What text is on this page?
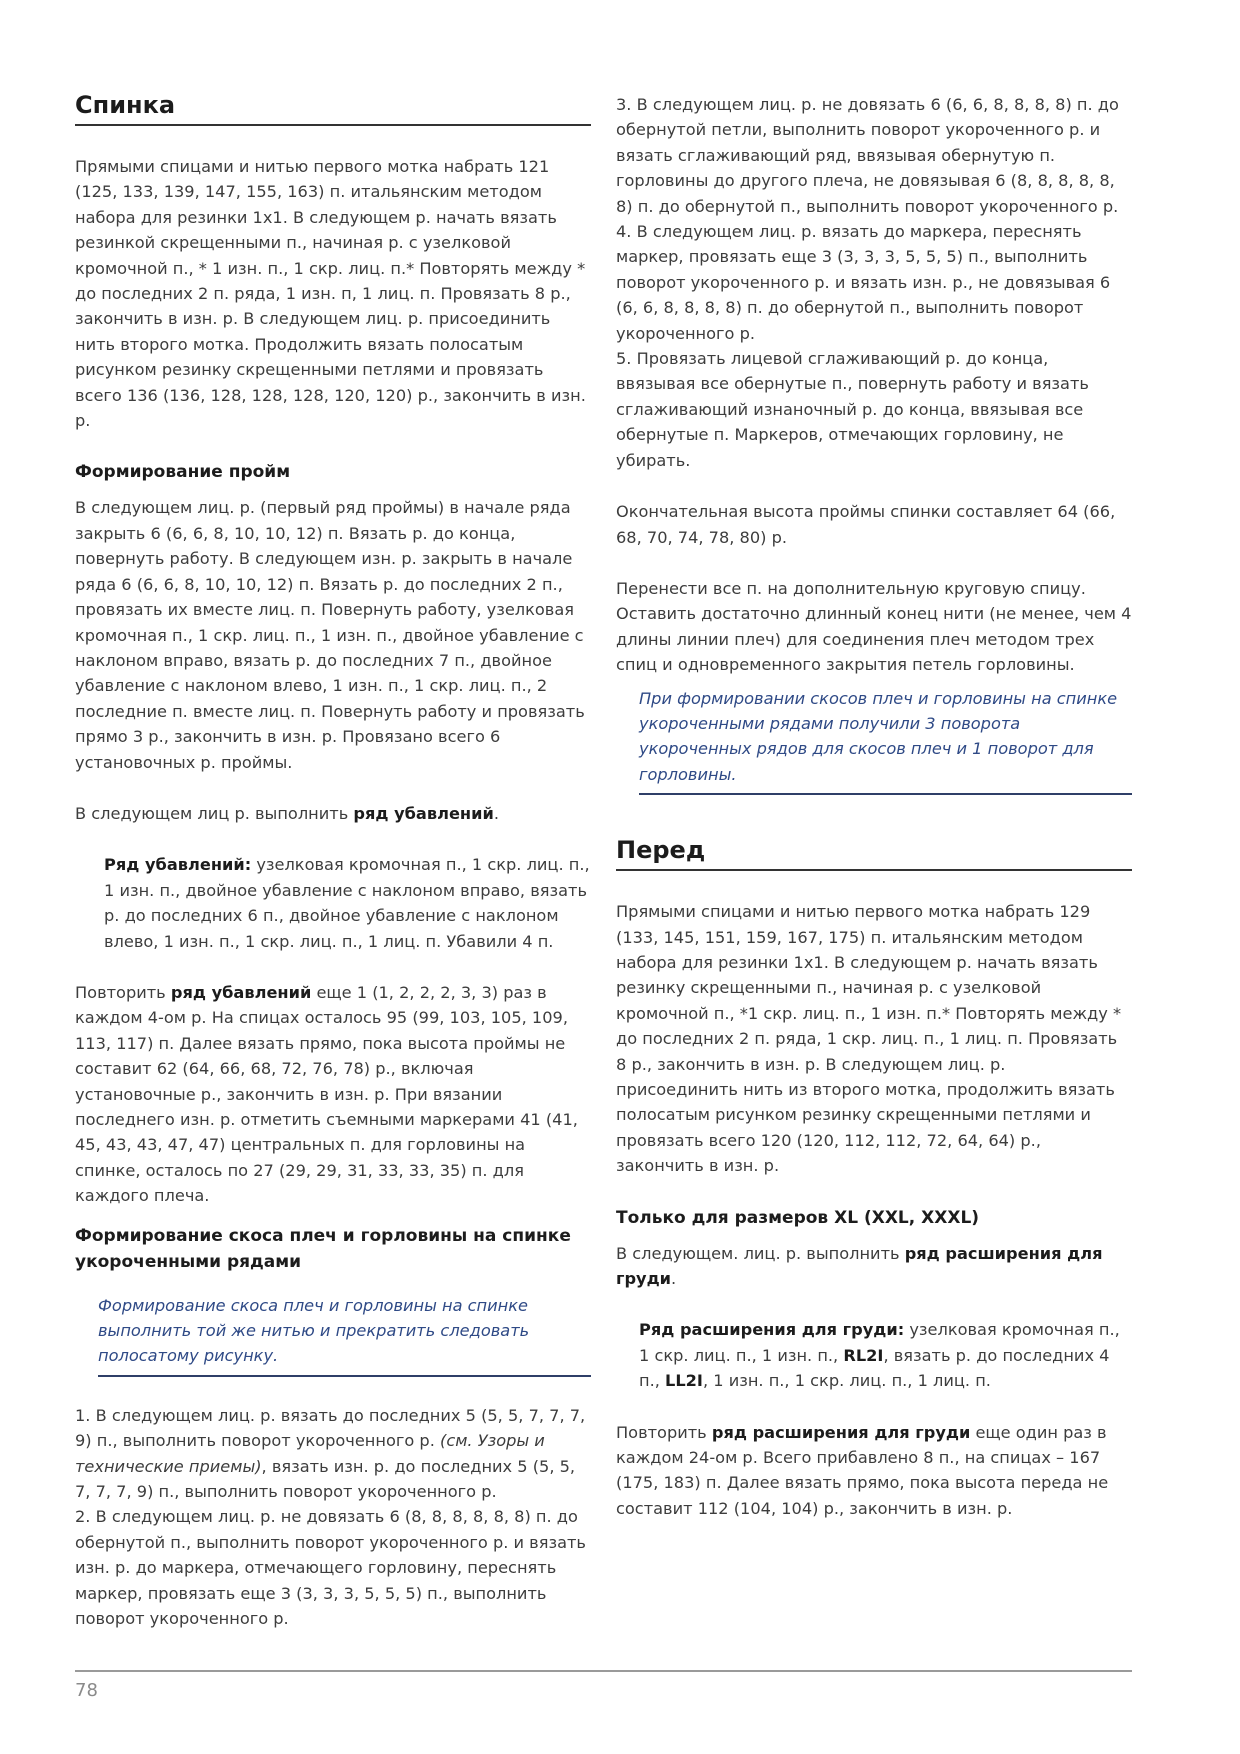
Спинка

Прямыми спицами и нитью первого мотка набрать 121 (125, 133, 139, 147, 155, 163) п. итальянским методом набора для резинки 1х1. В следующем р. начать вязать резинкой скрещенными п., начиная р. с узелковой кромочной п., * 1 изн. п., 1 скр. лиц. п.* Повторять между * до последних 2 п. ряда, 1 изн. п, 1 лиц. п. Провязать 8 р., закончить в изн. р. В следующем лиц. р. присоединить нить второго мотка. Продолжить вязать полосатым рисунком резинку скрещенными петлями и провязать всего 136 (136, 128, 128, 128, 120, 120) р., закончить в изн. р.

Формирование пройм

В следующем лиц. р. (первый ряд проймы) в начале ряда закрыть 6 (6, 6, 8, 10, 10, 12) п. Вязать р. до конца, повернуть работу. В следующем изн. р. закрыть в начале ряда 6 (6, 6, 8, 10, 10, 12) п. Вязать р. до последних 2 п., провязать их вместе лиц. п. Повернуть работу, узелковая кромочная п., 1 скр. лиц. п., 1 изн. п., двойное убавление с наклоном вправо, вязать р. до последних 7 п., двойное убавление с наклоном влево, 1 изн. п., 1 скр. лиц. п., 2 последние п. вместе лиц. п. Повернуть работу и провязать прямо 3 р., закончить в изн. р. Провязано всего 6 установочных р. проймы.

В следующем лиц р. выполнить ряд убавлений.

Ряд убавлений: узелковая кромочная п., 1 скр. лиц. п., 1 изн. п., двойное убавление с наклоном вправо, вязать р. до последних 6 п., двойное убавление с наклоном влево, 1 изн. п., 1 скр. лиц. п., 1 лиц. п. Убавили 4 п.

Повторить ряд убавлений еще 1 (1, 2, 2, 2, 3, 3) раз в каждом 4-ом р. На спицах осталось 95 (99, 103, 105, 109, 113, 117) п. Далее вязать прямо, пока высота проймы не составит 62 (64, 66, 68, 72, 76, 78) р., включая установочные р., закончить в изн. р. При вязании последнего изн. р. отметить съемными маркерами 41 (41, 45, 43, 43, 47, 47) центральных п. для горловины на спинке, осталось по 27 (29, 29, 31, 33, 33, 35) п. для каждого плеча.

Формирование скоса плеч и горловины на спинке укороченными рядами

Формирование скоса плеч и горловины на спинке выполнить той же нитью и прекратить следовать полосатому рисунку.

1. В следующем лиц. р. вязать до последних 5 (5, 5, 7, 7, 7, 9) п., выполнить поворот укороченного р. (см. Узоры и технические приемы), вязать изн. р. до последних 5 (5, 5, 7, 7, 7, 9) п., выполнить поворот укороченного р.

2. В следующем лиц. р. не довязать 6 (8, 8, 8, 8, 8, 8) п. до обернутой п., выполнить поворот укороченного р. и вязать изн. р. до маркера, отмечающего горловину, переснять маркер, провязать еще 3 (3, 3, 3, 5, 5, 5) п., выполнить поворот укороченного р.

3. В следующем лиц. р. не довязать 6 (6, 6, 8, 8, 8, 8) п. до обернутой петли, выполнить поворот укороченного р. и вязать сглаживающий ряд, ввязывая обернутую п. горловины до другого плеча, не довязывая 6 (8, 8, 8, 8, 8, 8) п. до обернутой п., выполнить поворот укороченного р.

4. В следующем лиц. р. вязать до маркера, переснять маркер, провязать еще 3 (3, 3, 3, 5, 5, 5) п., выполнить поворот укороченного р. и вязать изн. р., не довязывая 6 (6, 6, 8, 8, 8, 8) п. до обернутой п., выполнить поворот укороченного р.

5. Провязать лицевой сглаживающий р. до конца, ввязывая все обернутые п., повернуть работу и вязать сглаживающий изнаночный р. до конца, ввязывая все обернутые п. Маркеров, отмечающих горловину, не убирать.

Окончательная высота проймы спинки составляет 64 (66, 68, 70, 74, 78, 80) р.

Перенести все п. на дополнительную круговую спицу. Оставить достаточно длинный конец нити (не менее, чем 4 длины линии плеч) для соединения плеч методом трех спиц и одновременного закрытия петель горловины.

При формировании скосов плеч и горловины на спинке укороченными рядами получили 3 поворота укороченных рядов для скосов плеч и 1 поворот для горловины.

Перед

Прямыми спицами и нитью первого мотка набрать 129 (133, 145, 151, 159, 167, 175) п. итальянским методом набора для резинки 1х1. В следующем р. начать вязать резинку скрещенными п., начиная р. с узелковой кромочной п., *1 скр. лиц. п., 1 изн. п.* Повторять между * до последних 2 п. ряда, 1 скр. лиц. п., 1 лиц. п. Провязать 8 р., закончить в изн. р. В следующем лиц. р. присоединить нить из второго мотка, продолжить вязать полосатым рисунком резинку скрещенными петлями и провязать всего 120 (120, 112, 112, 72, 64, 64) р., закончить в изн. р.

Только для размеров XL (XXL, XXXL)

В следующем. лиц. р. выполнить ряд расширения для груди.

Ряд расширения для груди: узелковая кромочная п., 1 скр. лиц. п., 1 изн. п., RL2I, вязать р. до последних 4 п., LL2I, 1 изн. п., 1 скр. лиц. п., 1 лиц. п.

Повторить ряд расширения для груди еще один раз в каждом 24-ом р. Всего прибавлено 8 п., на спицах – 167 (175, 183) п. Далее вязать прямо, пока высота переда не составит 112 (104, 104) р., закончить в изн. р.

78
